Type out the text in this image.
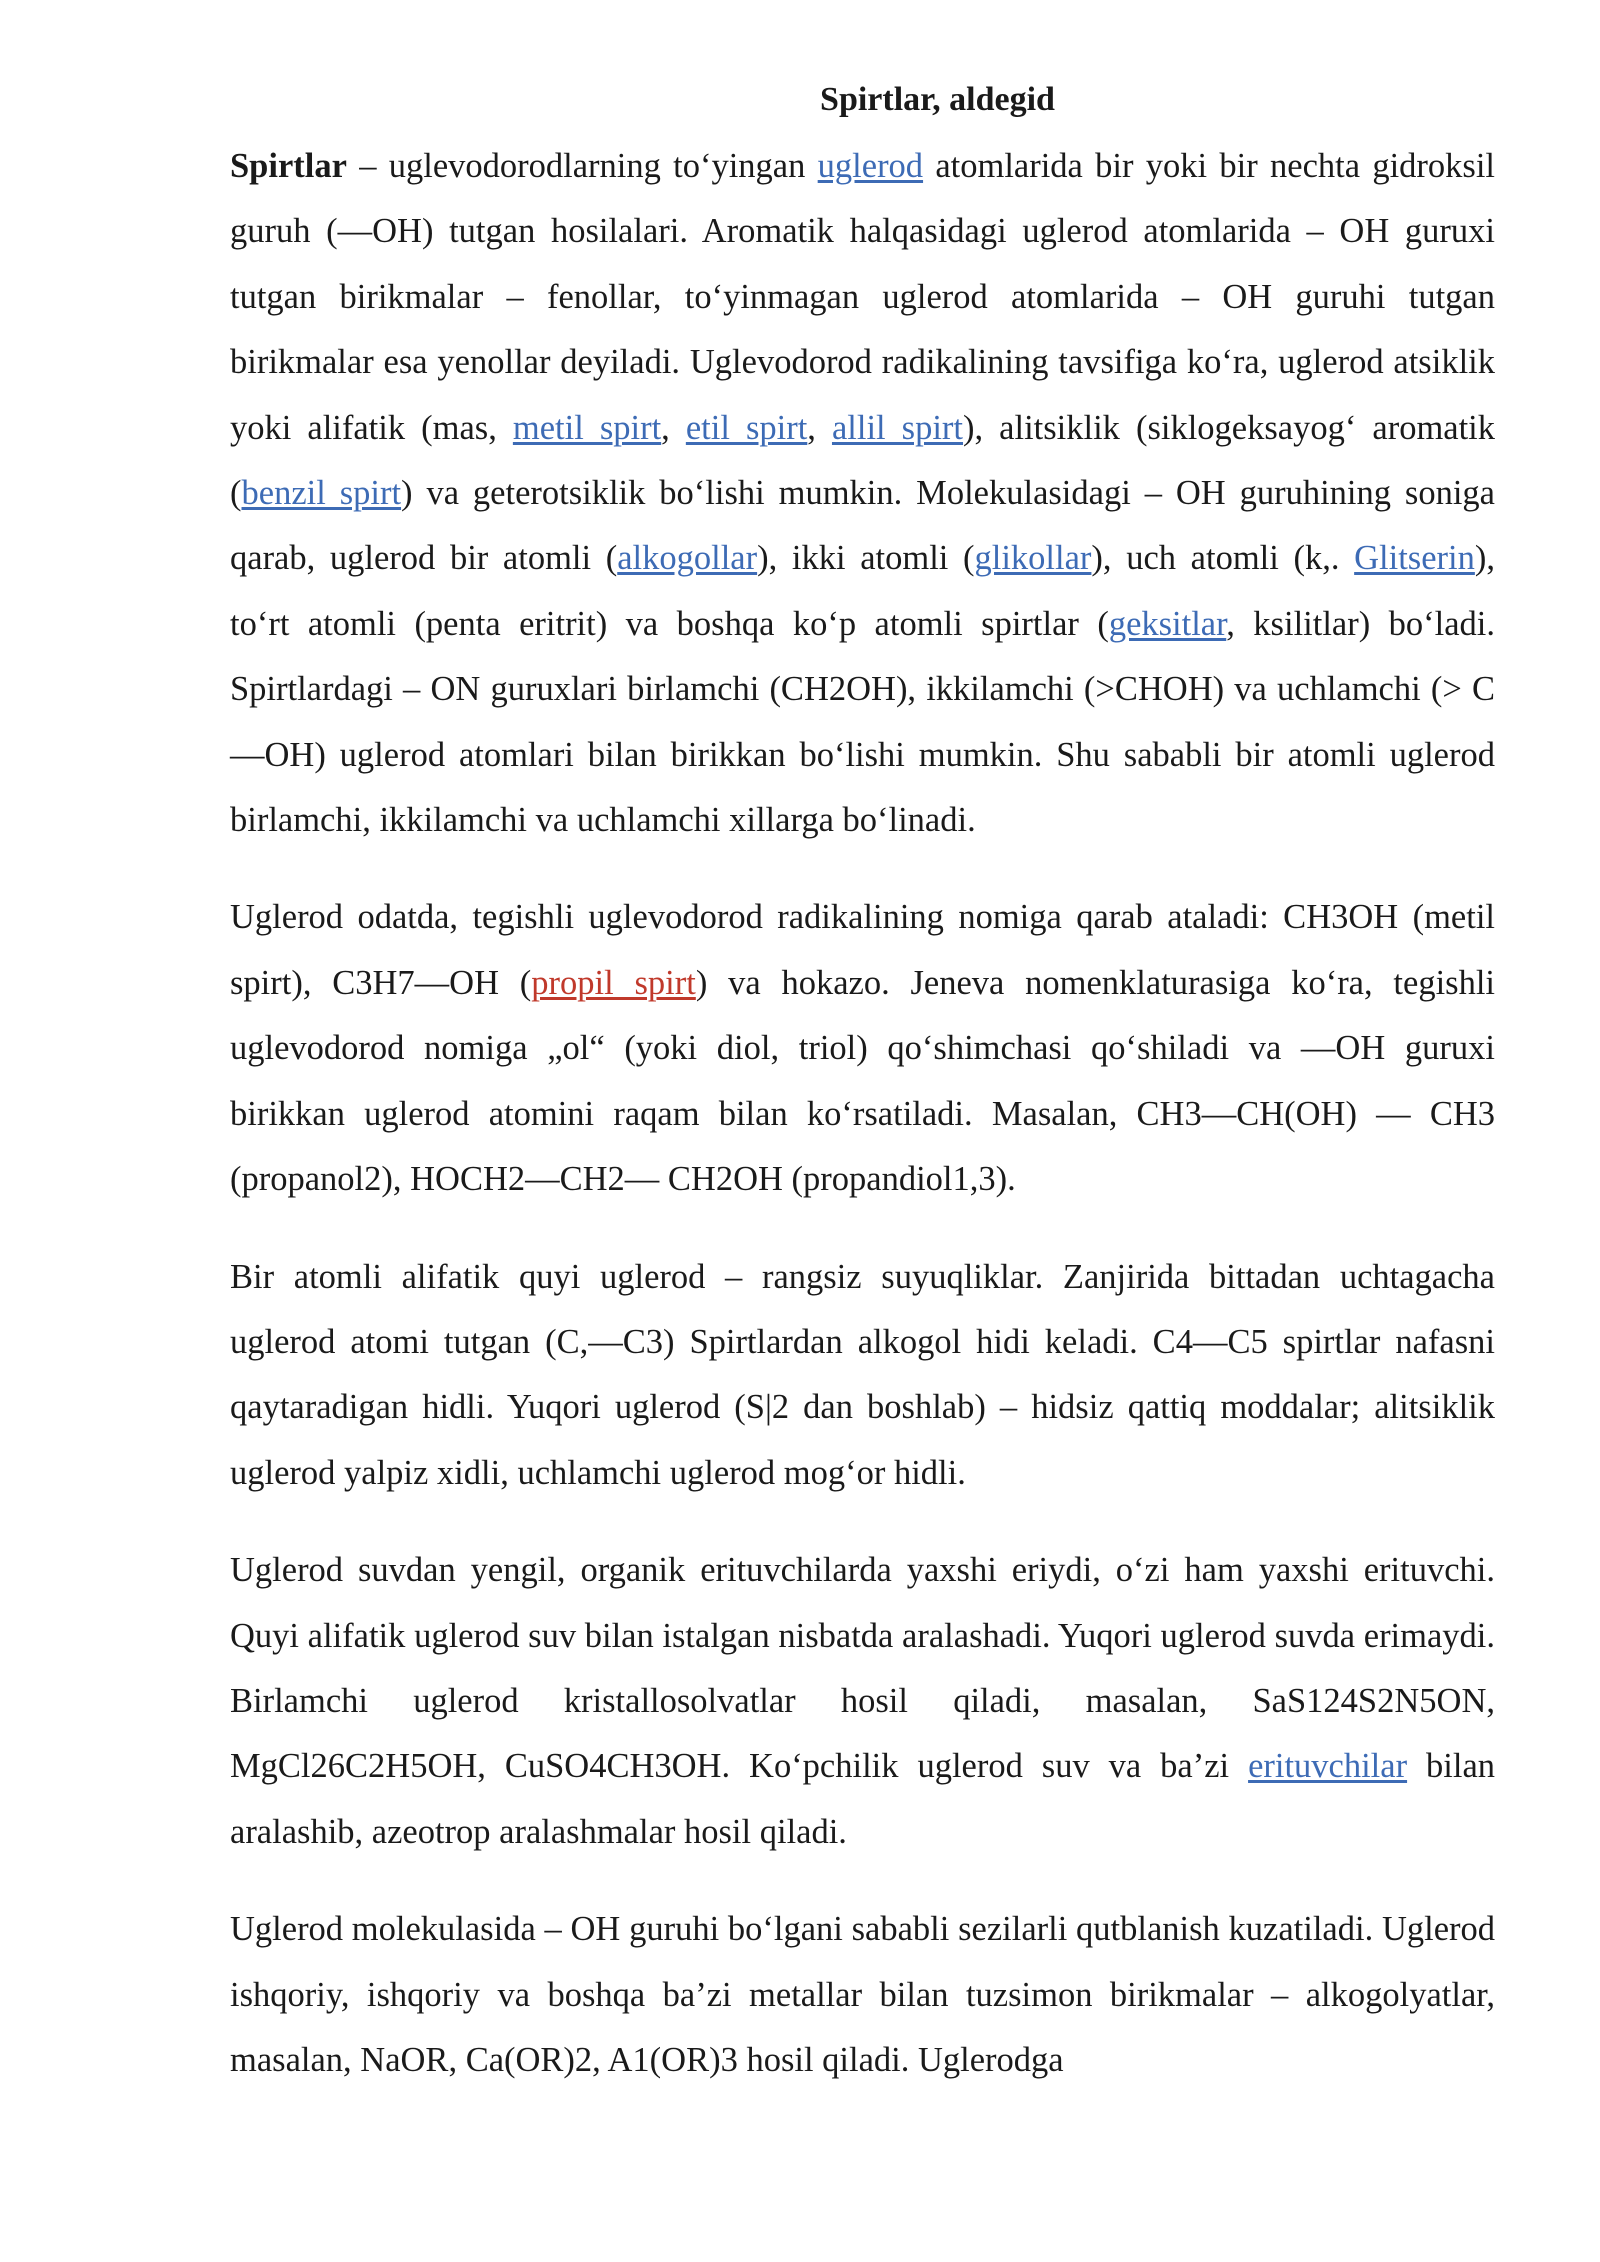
Spirtlar, aldegid

Spirtlar – uglevodorodlarning to‘yingan uglerod atomlarida bir yoki bir nechta gidroksil guruh (—OH) tutgan hosilalari. Aromatik halqasidagi uglerod atomlarida – OH guruxi tutgan birikmalar – fenollar, to‘yinmagan uglerod atomlarida – OH guruhi tutgan birikmalar esa yenollar deyiladi. Uglevodorod radikalining tavsifiga ko‘ra, uglerod atsiklik yoki alifatik (mas, metil spirt, etil spirt, allil spirt), alitsiklik (siklogeksayog‘ aromatik (benzil spirt) va geterotsiklik bo‘lishi mumkin. Molekulasidagi – OH guruhining soniga qarab, uglerod bir atomli (alkogollar), ikki atomli (glikollar), uch atomli (k,. Glitserin), to‘rt atomli (penta eritrit) va boshqa ko‘p atomli spirtlar (geksitlar, ksilitlar) bo‘ladi. Spirtlardagi – ON guruxlari birlamchi (CH2OH), ikkilamchi (>CHOH) va uchlamchi (> C—OH) uglerod atomlari bilan birikkan bo‘lishi mumkin. Shu sababli bir atomli uglerod birlamchi, ikkilamchi va uchlamchi xillarga bo‘linadi.

Uglerod odatda, tegishli uglevodorod radikalining nomiga qarab ataladi: CH3OH (metil spirt), C3H7—OH (propil spirt) va hokazo. Jeneva nomenklaturasiga ko‘ra, tegishli uglevodorod nomiga „ol“ (yoki diol, triol) qo‘shimchasi qo‘shiladi va —OH guruxi birikkan uglerod atomini raqam bilan ko‘rsatiladi. Masalan, CH3—CH(OH) — CH3 (propanol2), HOCH2—CH2— CH2OH (propandiol1,3).

Bir atomli alifatik quyi uglerod – rangsiz suyuqliklar. Zanjirida bittadan uchtagacha uglerod atomi tutgan (C,—C3) Spirtlardan alkogol hidi keladi. C4—C5 spirtlar nafasni qaytaradigan hidli. Yuqori uglerod (S|2 dan boshlab) – hidsiz qattiq moddalar; alitsiklik uglerod yalpiz xidli, uchlamchi uglerod mog‘or hidli.

Uglerod suvdan yengil, organik erituvchilarda yaxshi eriydi, o‘zi ham yaxshi erituvchi. Quyi alifatik uglerod suv bilan istalgan nisbatda aralashadi. Yuqori uglerod suvda erimaydi. Birlamchi uglerod kristallosolvatlar hosil qiladi, masalan, SaS124S2N5ON, MgCl26C2H5OH, CuSO4CH3OH. Ko‘pchilik uglerod suv va ba’zi erituvchilar bilan aralashib, azeotrop aralashmalar hosil qiladi.

Uglerod molekulasida – OH guruhi bo‘lgani sababli sezilarli qutblanish kuzatiladi. Uglerod ishqoriy, ishqoriy va boshqa ba’zi metallar bilan tuzsimon birikmalar – alkogolyatlar, masalan, NaOR, Ca(OR)2, A1(OR)3 hosil qiladi. Uglerodga
